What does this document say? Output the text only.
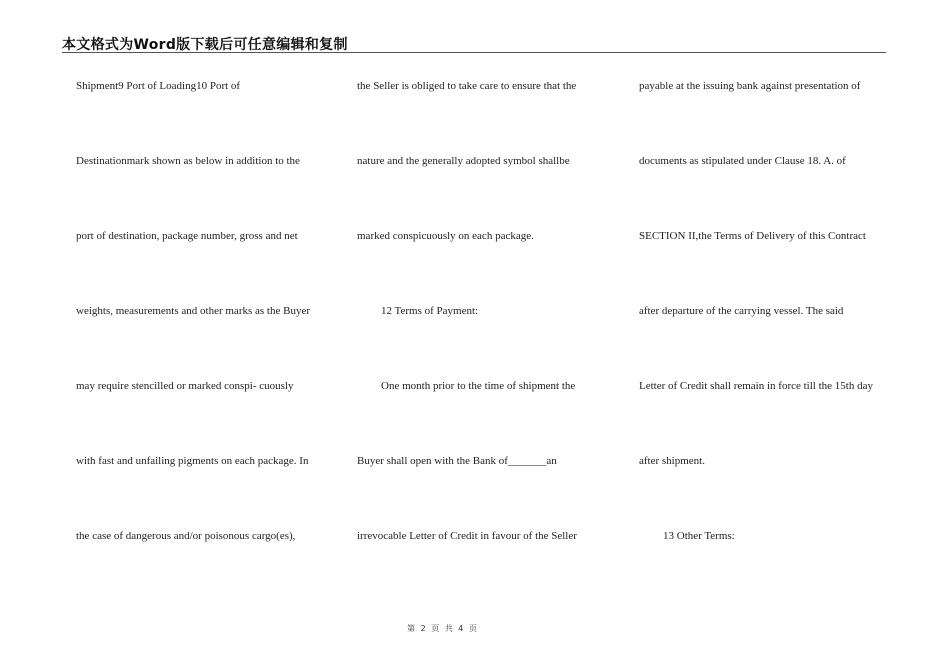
本文格式为Word版下载后可任意编辑和复制
Shipment9 Port of Loading10 Port of
Destinationmark shown as below in addition to the
port of destination, package number, gross and net
weights, measurements and other marks as the Buyer
may require stencilled or marked conspi- cuously
with fast and unfailing pigments on each package. In
the case of dangerous and/or poisonous cargo(es),
the Seller is obliged to take care to ensure that the
nature and the generally adopted symbol shallbe
marked conspicuously on each package.
12 Terms of Payment:
One month prior to the time of shipment the
Buyer shall open with the Bank of_______an
irrevocable Letter of Credit in favour of the Seller
payable at the issuing bank against presentation of
documents as stipulated under Clause 18. A. of
SECTION II,the Terms of Delivery of this Contract
after departure of the carrying vessel. The said
Letter of Credit shall remain in force till the 15th day
after shipment.
13 Other Terms:
第 2 页 共 4 页
